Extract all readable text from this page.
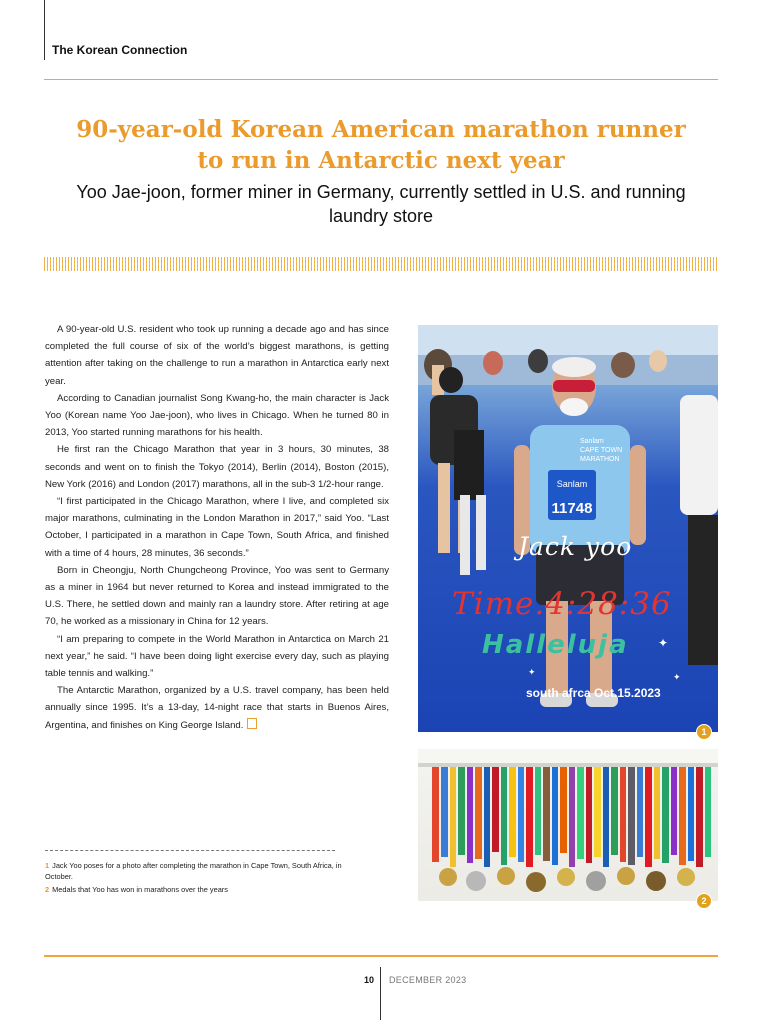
The Korean Connection
90-year-old Korean American marathon runner to run in Antarctic next year
Yoo Jae-joon, former miner in Germany, currently settled in U.S. and running laundry store

A 90-year-old U.S. resident who took up running a decade ago and has since completed the full course of six of the world’s biggest marathons, is getting attention after taking on the challenge to run a marathon in Antarctica early next year.

According to Canadian journalist Song Kwang-ho, the main character is Jack Yoo (Korean name Yoo Jae-joon), who lives in Chicago. When he turned 80 in 2013, Yoo started running marathons for his health.

He first ran the Chicago Marathon that year in 3 hours, 30 minutes, 38 seconds and went on to finish the Tokyo (2014), Berlin (2014), Boston (2015), New York (2016) and London (2017) marathons, all in the sub-3 1/2-hour range.

“I first participated in the Chicago Marathon, where I live, and completed six major marathons, culminating in the London Marathon in 2017,” said Yoo. “Last October, I participated in a marathon in Cape Town, South Africa, and finished with a time of 4 hours, 28 minutes, 36 seconds.”

Born in Cheongju, North Chungcheong Province, Yoo was sent to Germany as a miner in 1964 but never returned to Korea and instead immigrated to the U.S. There, he settled down and mainly ran a laundry store. After retiring at age 70, he worked as a missionary in China for 12 years.

“I am preparing to compete in the World Marathon in Antarctica on March 21 next year,” he said. “I have been doing light exercise every day, such as playing table tennis and walking.”

The Antarctic Marathon, organized by a U.S. travel company, has been held annually since 1995. It’s a 13-day, 14-night race that starts in Buenos Aires, Argentina, and finishes on King George Island.

1 Jack Yoo poses for a photo after completing the marathon in Cape Town, South Africa, in October.
2 Medals that Yoo has won in marathons over the years
Sanlam
11748
Sanlam
CAPE TOWN
MARATHON
✦
✦	✦
Jack yoo
Time.4:28:36
Halleluja
south afrca Oct.15.2023
1
2
10 DECEMBER 2023
